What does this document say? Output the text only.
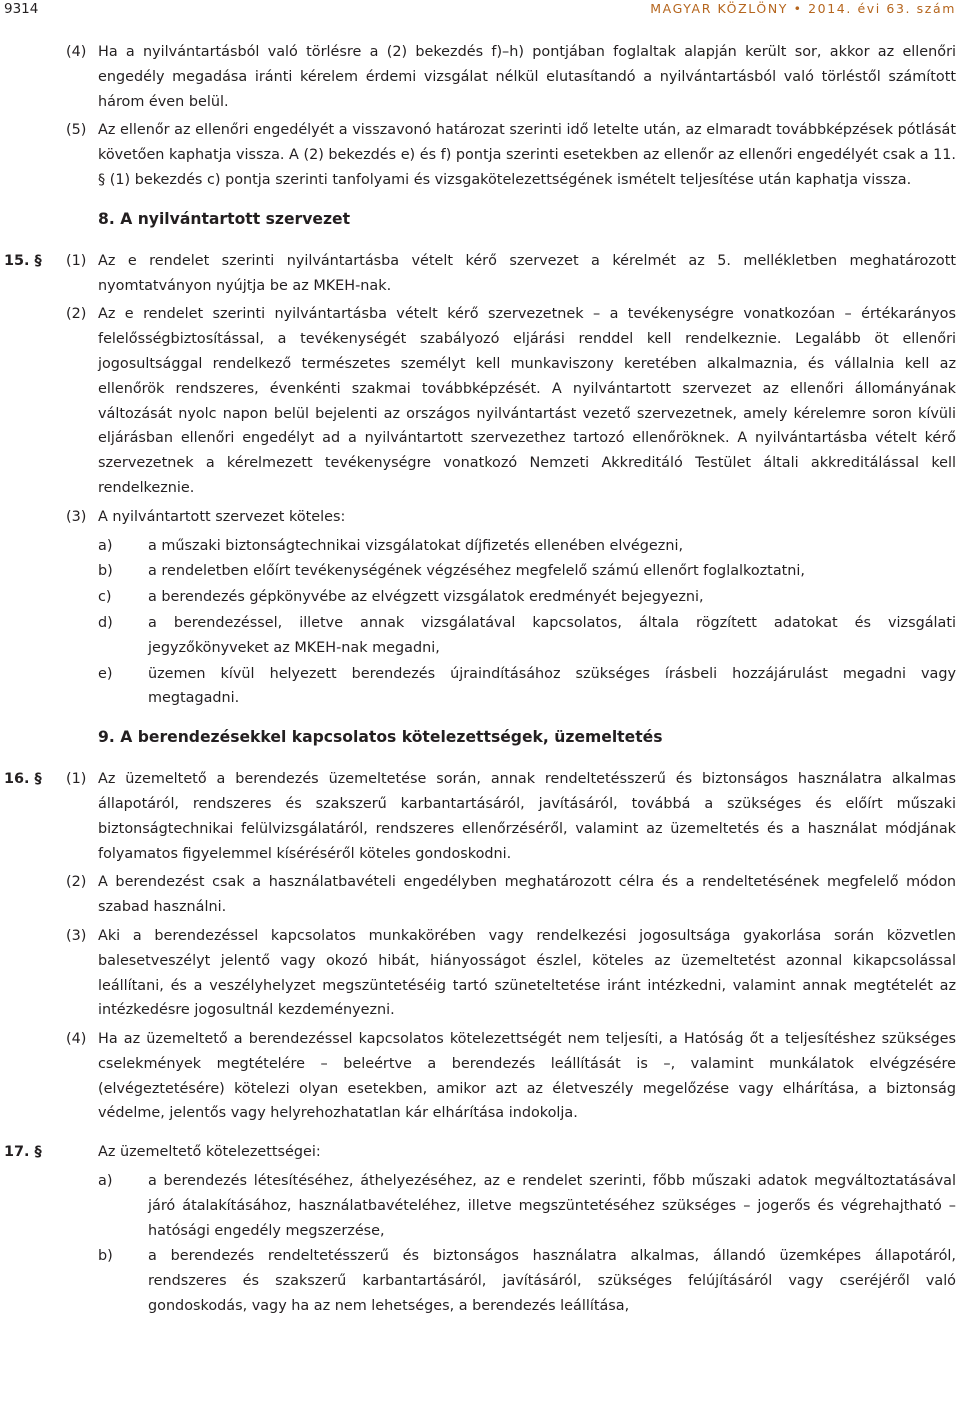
9314	MAGYAR KÖZLÖNY • 2014. évi 63. szám
(4) Ha a nyilvántartásból való törlésre a (2) bekezdés f)–h) pontjában foglaltak alapján került sor, akkor az ellenőri engedély megadása iránti kérelem érdemi vizsgálat nélkül elutasítandó a nyilvántartásból való törléstől számított három éven belül.

(5) Az ellenőr az ellenőri engedélyét a visszavonó határozat szerinti idő letelte után, az elmaradt továbbképzések pótlását követően kaphatja vissza. A (2) bekezdés e) és f) pontja szerinti esetekben az ellenőr az ellenőri engedélyét csak a 11. § (1) bekezdés c) pontja szerinti tanfolyami és vizsgakötelezettségének ismételt teljesítése után kaphatja vissza.

8. A nyilvántartott szervezet
15. § (1) Az e rendelet szerinti nyilvántartásba vételt kérő szervezet a kérelmét az 5. mellékletben meghatározott nyomtatványon nyújtja be az MKEH-nak.

(2) Az e rendelet szerinti nyilvántartásba vételt kérő szervezetnek – a tevékenységre vonatkozóan – értékarányos felelősségbiztosítással, a tevékenységét szabályozó eljárási renddel kell rendelkeznie. Legalább öt ellenőri jogosultsággal rendelkező természetes személyt kell munkaviszony keretében alkalmaznia, és vállalnia kell az ellenőrök rendszeres, évenkénti szakmai továbbképzését. A nyilvántartott szervezet az ellenőri állományának változását nyolc napon belül bejelenti az országos nyilvántartást vezető szervezetnek, amely kérelemre soron kívüli eljárásban ellenőri engedélyt ad a nyilvántartott szervezethez tartozó ellenőröknek. A nyilvántartásba vételt kérő szervezetnek a kérelmezett tevékenységre vonatkozó Nemzeti Akkreditáló Testület általi akkreditálással kell rendelkeznie.

(3) A nyilvántartott szervezet köteles:

a) a műszaki biztonságtechnikai vizsgálatokat díjfizetés ellenében elvégezni,

b) a rendeletben előírt tevékenységének végzéséhez megfelelő számú ellenőrt foglalkoztatni,

c)	a berendezés gépkönyvébe az elvégzett vizsgálatok eredményét bejegyezni,

d) a berendezéssel, illetve annak vizsgálatával kapcsolatos, általa rögzített adatokat és vizsgálati jegyzőkönyveket az MKEH-nak megadni,

e) üzemen kívül helyezett berendezés újraindításához szükséges írásbeli hozzájárulást megadni vagy megtagadni.

9. A berendezésekkel kapcsolatos kötelezettségek, üzemeltetés
16. § (1) Az üzemeltető a berendezés üzemeltetése során, annak rendeltetésszerű és biztonságos használatra alkalmas állapotáról, rendszeres és szakszerű karbantartásáról, javításáról, továbbá a szükséges és előírt műszaki biztonságtechnikai felülvizsgálatáról, rendszeres ellenőrzéséről, valamint az üzemeltetés és a használat módjának folyamatos figyelemmel kíséréséről köteles gondoskodni.

(2) A berendezést csak a használatbavételi engedélyben meghatározott célra és a rendeltetésének megfelelő módon szabad használni.

(3) Aki a berendezéssel kapcsolatos munkakörében vagy rendelkezési jogosultsága gyakorlása során közvetlen balesetveszélyt jelentő vagy okozó hibát, hiányosságot észlel, köteles az üzemeltetést azonnal kikapcsolással leállítani, és a veszélyhelyzet megszüntetéséig tartó szüneteltetése iránt intézkedni, valamint annak megtételét az intézkedésre jogosultnál kezdeményezni.

(4) Ha az üzemeltető a berendezéssel kapcsolatos kötelezettségét nem teljesíti, a Hatóság őt a teljesítéshez szükséges cselekmények megtételére – beleértve a berendezés leállítását is –, valamint munkálatok elvégzésére (elvégeztetésére) kötelezi olyan esetekben, amikor azt az életveszély megelőzése vagy elhárítása, a biztonság védelme, jelentős vagy helyrehozhatatlan kár elhárítása indokolja.

17. §	Az üzemeltető kötelezettségei:

a) a berendezés létesítéséhez, áthelyezéséhez, az e rendelet szerinti, főbb műszaki adatok megváltoztatásával járó átalakításához, használatbavételéhez, illetve megszüntetéséhez szükséges – jogerős és végrehajtható – hatósági engedély megszerzése,

b) a berendezés rendeltetésszerű és biztonságos használatra alkalmas, állandó üzemképes állapotáról, rendszeres és szakszerű karbantartásáról, javításáról, szükséges felújításáról vagy cseréjéről való gondoskodás, vagy ha az nem lehetséges, a berendezés leállítása,
